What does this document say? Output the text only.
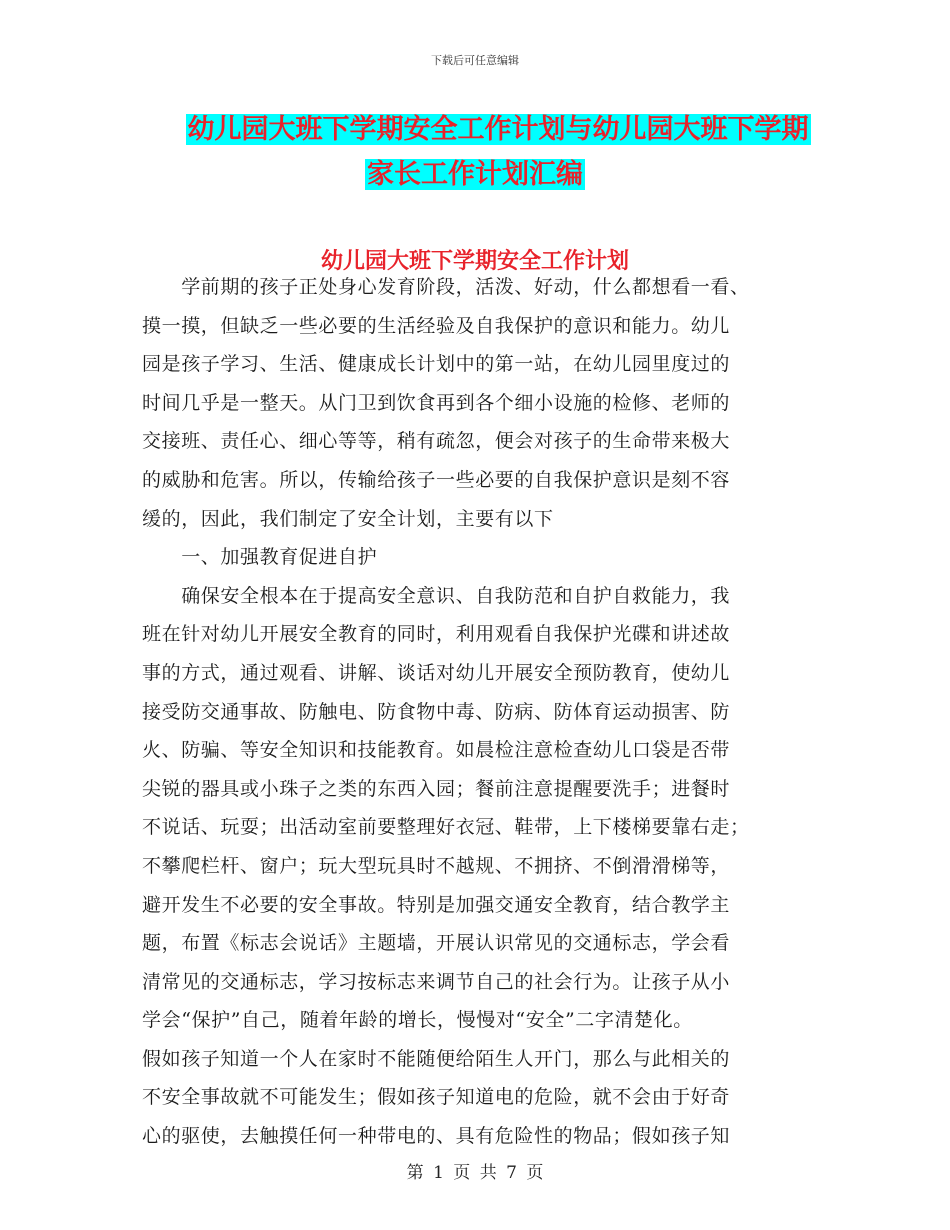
下载后可任意编辑
幼儿园大班下学期安全工作计划与幼儿园大班下学期
家长工作计划汇编
幼儿园大班下学期安全工作计划
　　学前期的孩子正处身心发育阶段，活泼、好动，什么都想看一看、
摸一摸，但缺乏一些必要的生活经验及自我保护的意识和能力。幼儿
园是孩子学习、生活、健康成长计划中的第一站，在幼儿园里度过的
时间几乎是一整天。从门卫到饮食再到各个细小设施的检修、老师的
交接班、责任心、细心等等，稍有疏忽，便会对孩子的生命带来极大
的威胁和危害。所以，传输给孩子一些必要的自我保护意识是刻不容
缓的，因此，我们制定了安全计划，主要有以下
　　一、加强教育促进自护
　　确保安全根本在于提高安全意识、自我防范和自护自救能力，我
班在针对幼儿开展安全教育的同时，利用观看自我保护光碟和讲述故
事的方式，通过观看、讲解、谈话对幼儿开展安全预防教育，使幼儿
接受防交通事故、防触电、防食物中毒、防病、防体育运动损害、防
火、防骗、等安全知识和技能教育。如晨检注意检查幼儿口袋是否带
尖锐的器具或小珠子之类的东西入园；餐前注意提醒要洗手；进餐时
不说话、玩耍；出活动室前要整理好衣冠、鞋带，上下楼梯要靠右走；
不攀爬栏杆、窗户；玩大型玩具时不越规、不拥挤、不倒滑滑梯等，
避开发生不必要的安全事故。特别是加强交通安全教育，结合教学主
题，布置《标志会说话》主题墙，开展认识常见的交通标志，学会看
清常见的交通标志，学习按标志来调节自己的社会行为。让孩子从小
学会“保护”自己，随着年龄的增长，慢慢对“安全”二字清楚化。
假如孩子知道一个人在家时不能随便给陌生人开门，那么与此相关的
不安全事故就不可能发生；假如孩子知道电的危险，就不会由于好奇
心的驱使，去触摸任何一种带电的、具有危险性的物品；假如孩子知
第 1 页 共 7 页
